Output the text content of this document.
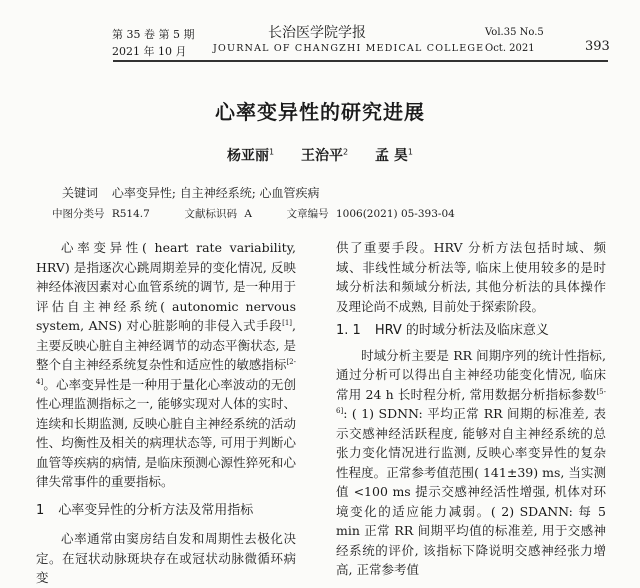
第 35 卷 第 5 期
2021 年 10 月
长治医学院学报
JOURNAL OF CHANGZHI MEDICAL COLLEGE
Vol.35 No.5
Oct. 2021	393
心率变异性的研究进展
杨亚丽$^1$ 王治平$^2$ 孟 昊$^1$
关键词 心率变异性; 自主神经系统; 心血管疾病
中图分类号 R514.7	文献标识码 A	文章编号 1006(2021) 05-393-04

心率变异性( heart rate variability, HRV) 是指逐次心跳周期差异的变化情况, 反映神经体液因素对心血管系统的调节, 是一种用于评估自主神经系统( autonomic nervous system, ANS) 对心脏影响的非侵入式手段[1], 主要反映心脏自主神经调节的动态平衡状态, 是整个自主神经系统复杂性和适应性的敏感指标[2-4]。心率变异性是一种用于量化心率波动的无创性心理监测指标之一, 能够实现对人体的实时、连续和长期监测, 反映心脏自主神经系统的活动性、均衡性及相关的病理状态等, 可用于判断心血管等疾病的病情, 是临床预测心源性猝死和心律失常事件的重要指标。

1 心率变异性的分析方法及常用指标

心率通常由窦房结自发和周期性去极化决定。在冠状动脉斑块存在或冠状动脉微循环病变

供了重要手段。HRV 分析方法包括时域、频域、非线性域分析法等, 临床上使用较多的是时域分析法和频域分析法, 其他分析法的具体操作及理论尚不成熟, 目前处于探索阶段。

1. 1 HRV 的时域分析法及临床意义

时域分析主要是 RR 间期序列的统计性指标, 通过分析可以得出自主神经功能变化情况, 临床常用 24 h 长时程分析, 常用数据分析指标参数[5-6]: ( 1) SDNN: 平均正常 RR 间期的标准差, 表示交感神经活跃程度, 能够对自主神经系统的总张力变化情况进行监测, 反映心率变异性的复杂性程度。正常参考值范围( 141±39) ms, 当实测值 <100 ms 提示交感神经活性增强, 机体对环境变化的适应能力减弱。( 2) SDANN: 每 5 min 正常 RR 间期平均值的标准差, 用于交感神经系统的评价, 该指标下降说明交感神经张力增高, 正常参考值
